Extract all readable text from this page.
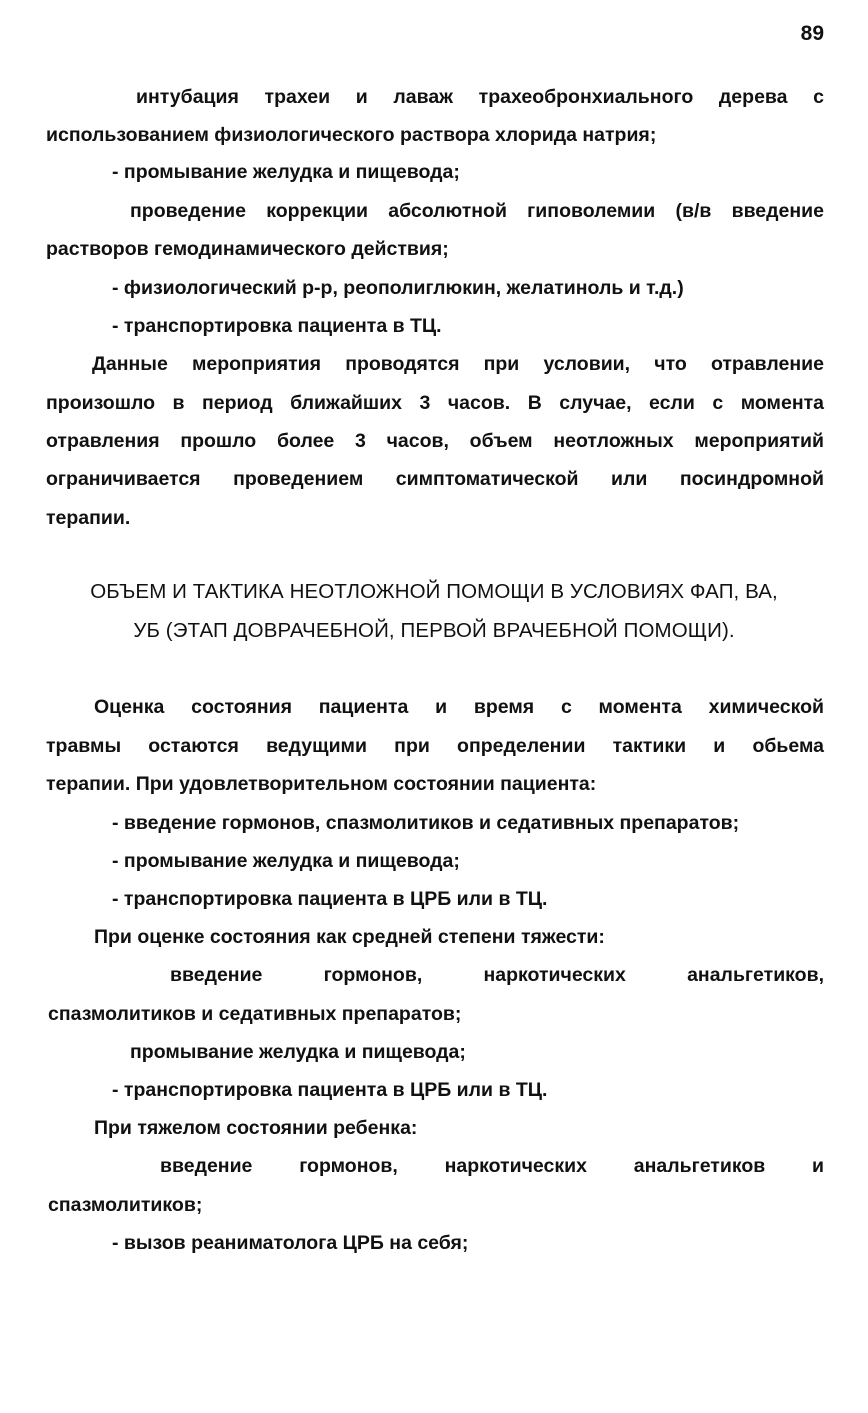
89
интубация трахеи и лаваж трахеобронхиального дерева с
использованием физиологического раствора хлорида натрия;
- промывание желудка и пищевода;
проведение коррекции абсолютной гиповолемии (в/в введение
растворов гемодинамического действия;
- физиологический р-р, реополиглюкин, желатиноль и т.д.)
- транспортировка пациента в ТЦ.
Данные мероприятия проводятся при условии, что отравление
произошло в период ближайших 3 часов. В случае, если с момента
отравления прошло более 3 часов, объем неотложных мероприятий
ограничивается проведением симптоматической или посиндромной
терапии.
ОБЪЕМ И ТАКТИКА НЕОТЛОЖНОЙ ПОМОЩИ В УСЛОВИЯХ ФАП, ВА,
УБ (ЭТАП ДОВРАЧЕБНОЙ, ПЕРВОЙ ВРАЧЕБНОЙ ПОМОЩИ).
Оценка состояния пациента и время с момента химической
травмы остаются ведущими при определении тактики и обьема
терапии. При удовлетворительном состоянии пациента:
- введение гормонов, спазмолитиков и седативных препаратов;
- промывание желудка и пищевода;
- транспортировка пациента в ЦРБ или в ТЦ.
При оценке состояния как средней степени тяжести:
введение гормонов, наркотических анальгетиков,
спазмолитиков и седативных препаратов;
промывание желудка и пищевода;
- транспортировка пациента в ЦРБ или в ТЦ.
При тяжелом состоянии ребенка:
введение гормонов, наркотических анальгетиков и
спазмолитиков;
- вызов реаниматолога ЦРБ на себя;
